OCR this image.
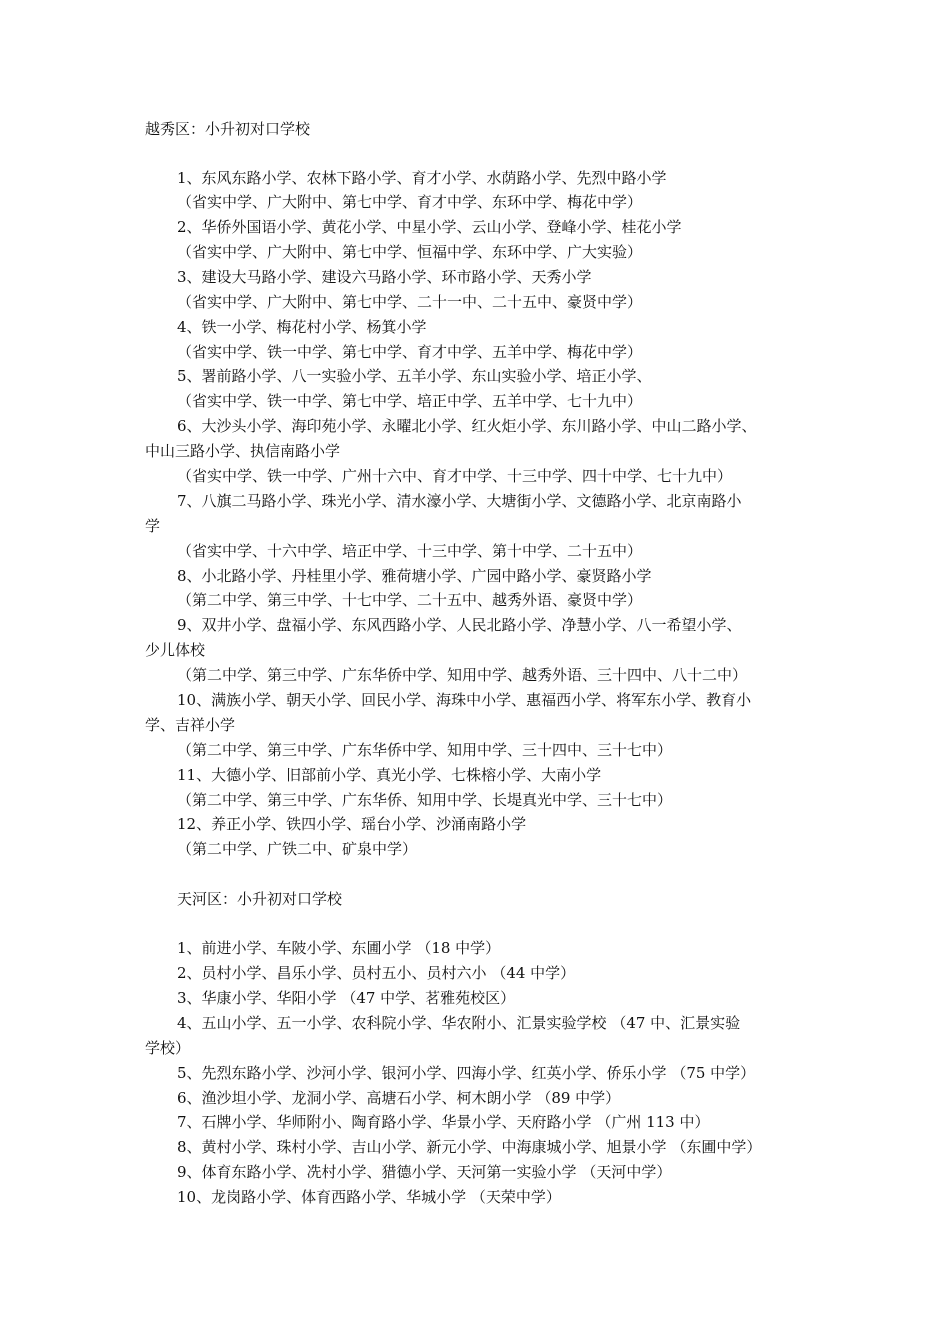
越秀区：小升初对口学校
1、东风东路小学、农林下路小学、育才小学、水荫路小学、先烈中路小学
（省实中学、广大附中、第七中学、育才中学、东环中学、梅花中学）
2、华侨外国语小学、黄花小学、中星小学、云山小学、登峰小学、桂花小学
（省实中学、广大附中、第七中学、恒福中学、东环中学、广大实验）
3、建设大马路小学、建设六马路小学、环市路小学、天秀小学
（省实中学、广大附中、第七中学、二十一中、二十五中、豪贤中学）
4、铁一小学、梅花村小学、杨箕小学
（省实中学、铁一中学、第七中学、育才中学、五羊中学、梅花中学）
5、署前路小学、八一实验小学、五羊小学、东山实验小学、培正小学、
（省实中学、铁一中学、第七中学、培正中学、五羊中学、七十九中）
6、大沙头小学、海印苑小学、永曜北小学、红火炬小学、东川路小学、中山二路小学、
中山三路小学、执信南路小学
（省实中学、铁一中学、广州十六中、育才中学、十三中学、四十中学、七十九中）
7、八旗二马路小学、珠光小学、清水濠小学、大塘街小学、文德路小学、北京南路小
学
（省实中学、十六中学、培正中学、十三中学、第十中学、二十五中）
8、小北路小学、丹桂里小学、雅荷塘小学、广园中路小学、豪贤路小学
（第二中学、第三中学、十七中学、二十五中、越秀外语、豪贤中学）
9、双井小学、盘福小学、东风西路小学、人民北路小学、净慧小学、八一希望小学、
少儿体校
（第二中学、第三中学、广东华侨中学、知用中学、越秀外语、三十四中、八十二中）
10、满族小学、朝天小学、回民小学、海珠中小学、惠福西小学、将军东小学、教育小
学、吉祥小学
（第二中学、第三中学、广东华侨中学、知用中学、三十四中、三十七中）
11、大德小学、旧部前小学、真光小学、七株榕小学、大南小学
（第二中学、第三中学、广东华侨、知用中学、长堤真光中学、三十七中）
12、养正小学、铁四小学、瑶台小学、沙涌南路小学
（第二中学、广铁二中、矿泉中学）
天河区：小升初对口学校
1、前进小学、车陂小学、东圃小学 （18 中学）
2、员村小学、昌乐小学、员村五小、员村六小 （44 中学）
3、华康小学、华阳小学 （47 中学、茗雅苑校区）
4、五山小学、五一小学、农科院小学、华农附小、汇景实验学校 （47 中、汇景实验
学校）
5、先烈东路小学、沙河小学、银河小学、四海小学、红英小学、侨乐小学 （75 中学）
6、渔沙坦小学、龙洞小学、高塘石小学、柯木朗小学 （89 中学）
7、石牌小学、华师附小、陶育路小学、华景小学、天府路小学 （广州 113 中）
8、黄村小学、珠村小学、吉山小学、新元小学、中海康城小学、旭景小学 （东圃中学）
9、体育东路小学、冼村小学、猎德小学、天河第一实验小学 （天河中学）
10、龙岗路小学、体育西路小学、华城小学 （天荣中学）
